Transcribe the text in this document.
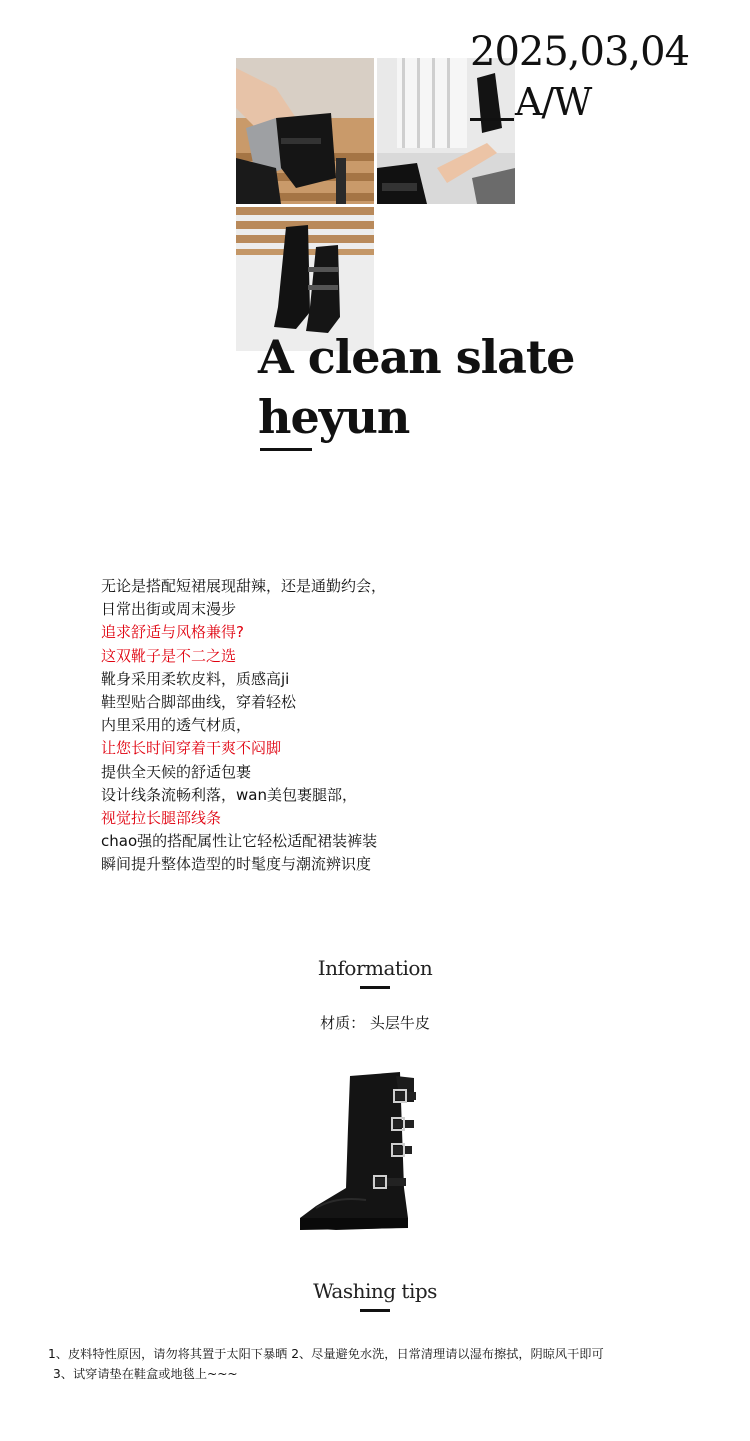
2025,03,04
A/W
A clean slate
heyun
无论是搭配短裙展现甜辣，还是通勤约会，
日常出街或周末漫步
追求舒适与风格兼得?
这双靴子是不二之选
靴身采用柔软皮料，质感高ji
鞋型贴合脚部曲线，穿着轻松
内里采用的透气材质，
让您长时间穿着干爽不闷脚
提供全天候的舒适包裹
设计线条流畅利落，wan美包裹腿部，
视觉拉长腿部线条
chao强的搭配属性让它轻松适配裙装裤装
瞬间提升整体造型的时髦度与潮流辨识度
Information
材质： 头层牛皮
Washing tips
1、皮料特性原因，请勿将其置于太阳下暴晒 2、尽量避免水洗，日常清理请以湿布擦拭，阴晾风干即可
3、试穿请垫在鞋盒或地毯上~~~
